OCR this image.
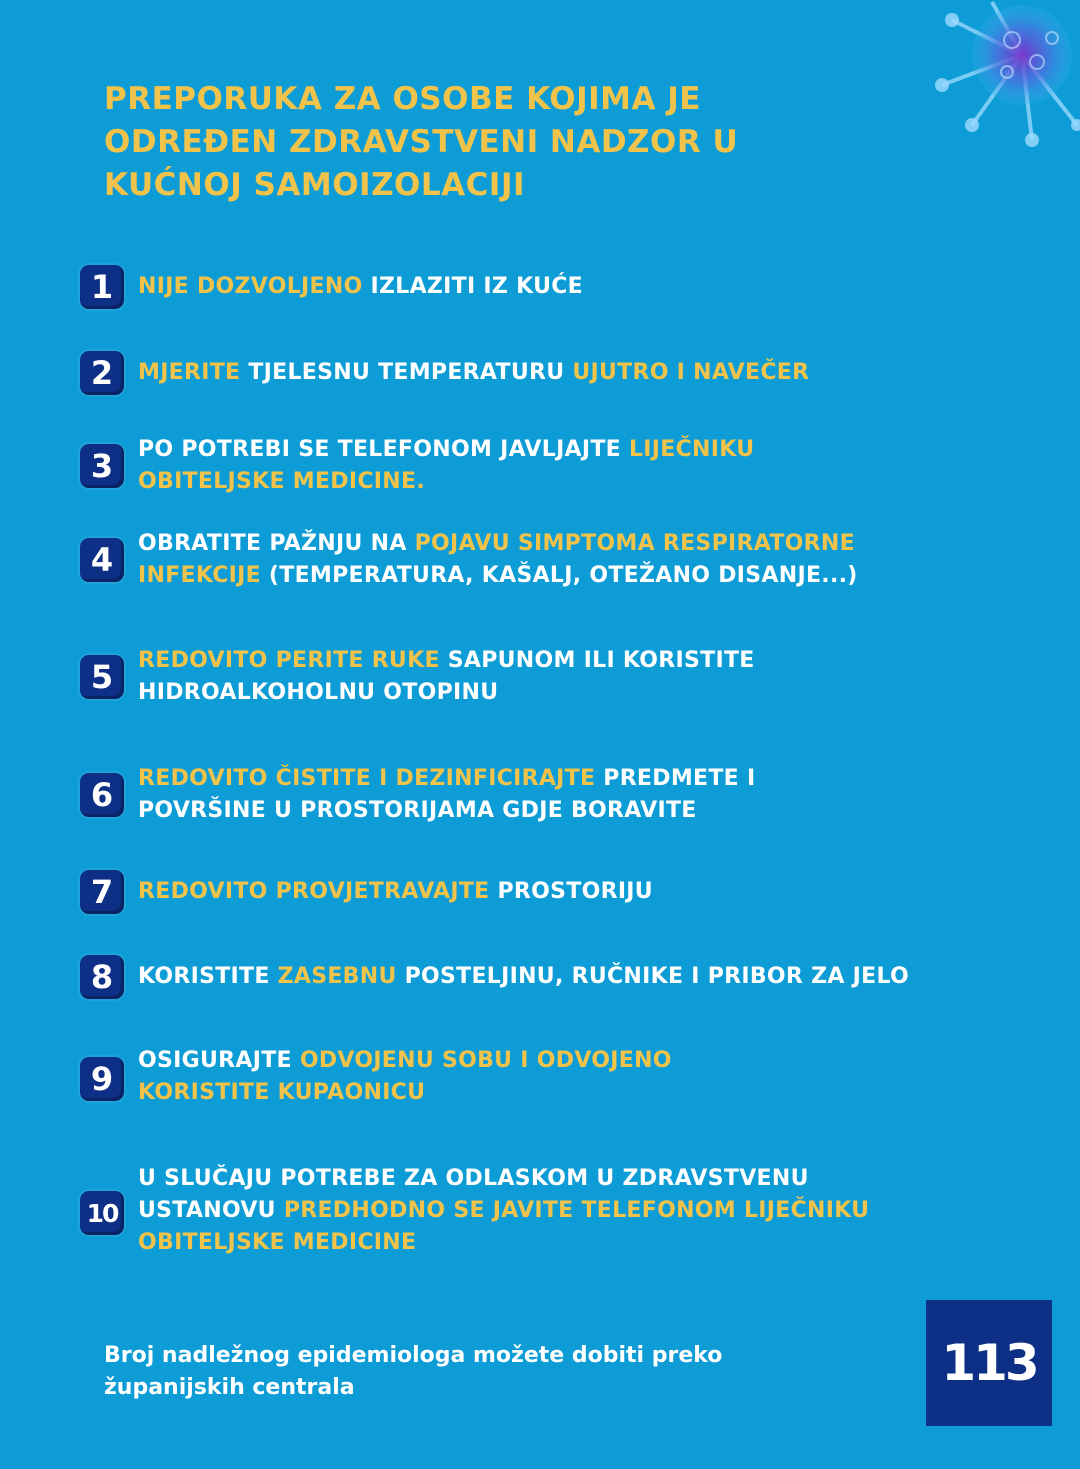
PREPORUKA ZA OSOBE KOJIMA JE
ODREĐEN ZDRAVSTVENI NADZOR U
KUĆNOJ SAMOIZOLACIJI
1	NIJE DOZVOLJENO IZLAZITI IZ KUĆE

2	MJERITE TJELESNU TEMPERATURU UJUTRO I NAVEČER

3	PO POTREBI SE TELEFONOM JAVLJAJTE LIJEČNIKU OBITELJSKE MEDICINE.

4	OBRATITE PAŽNJU NA POJAVU SIMPTOMA RESPIRATORNE INFEKCIJE (TEMPERATURA, KAŠALJ, OTEŽANO DISANJE...)

5	REDOVITO PERITE RUKE SAPUNOM ILI KORISTITE HIDROALKOHOLNU OTOPINU

6	REDOVITO ČISTITE I DEZINFICIRAJTE PREDMETE I POVRŠINE U PROSTORIJAMA GDJE BORAVITE

7	REDOVITO PROVJETRAVAJTE PROSTORIJU

8	KORISTITE ZASEBNU POSTELJINU, RUČNIKE I PRIBOR ZA JELO

9	OSIGURAJTE ODVOJENU SOBU I ODVOJENO KORISTITE KUPAONICU

10

U SLUČAJU POTREBE ZA ODLASKOM U ZDRAVSTVENU USTANOVU PREDHODNO SE JAVITE TELEFONOM LIJEČNIKU OBITELJSKE MEDICINE

Broj nadležnog epidemiologa možete dobiti preko
županijskih centrala	113
